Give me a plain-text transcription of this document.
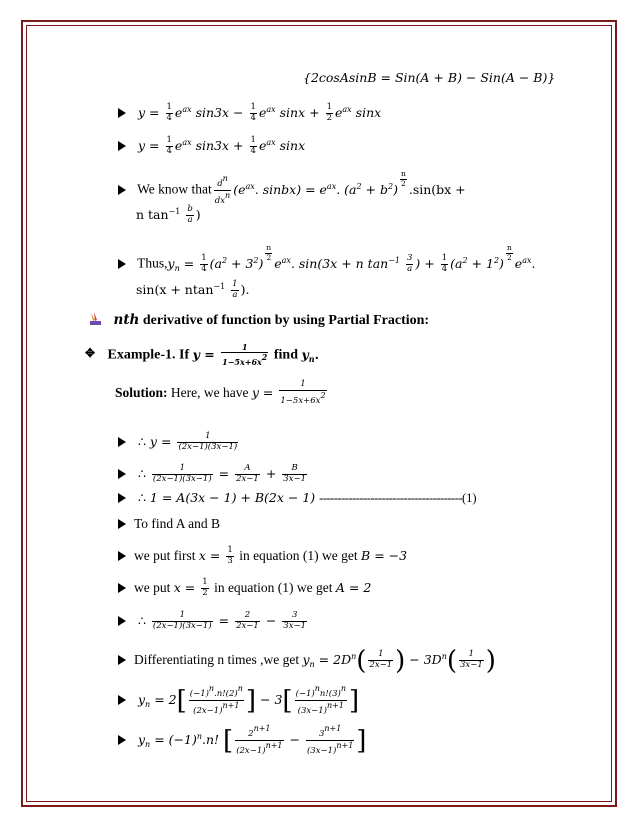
{2cosAsinB = Sin(A + B) − Sin(A − B)}
$y = \frac{1}{4} e^{ax}$ $\sin 3x - \frac{1}{4} e^{ax}$ $\sin x + \frac{1}{2} e^{ax}$ sinx
$y = \frac{1}{4} e^{ax}$ $\sin 3x + \frac{1}{4} e^{ax}$ sinx
We know that $\frac{d^n}{dx^n} (e^{ax}$. sinbx) = $e^{ax}$. $(a^2 + b^2)$
$\frac{n}{2}$
.sin(bx +
n $\tan^{-1} \frac{b}{a}$ )
$Thus,y_n = \frac{1}{4} (a^2 + 3^2)$
$\frac{n}{2}$
$e^{ax}$. sin(3x + n $\tan^{-1} \frac{3}{a}$ ) + $\frac{1}{4} (a^2 + 1^2)$
$\frac{n}{2}$
$e^{ax}$.
$\sin(x + ntan^{-1} \frac{1}{a}$ ).
nth derivative of function by using Partial Fraction:
✥ Example-1. If $y = \frac{1}{1-5x+6x^2}$ find $y_n$.
Solution: Here, we have $y = \frac{1}{1-5x+6x^2}$
∴ $y = \frac{1}{(2x-1)(3x-1)}$
∴ $\frac{1}{(2x-1)(3x-1)} = \frac{A}{2x-1} + \frac{B}{3x-1}$
∴ 1 = A(3x − 1) + B(2x − 1) ---------------------------------------(1)
To find A and B
we put first $x = \frac{1}{3}$ in equation (1) we get B = −3
we put $x = \frac{1}{2}$ in equation (1) we get A = 2
∴ $\frac{1}{(2x-1)(3x-1)} = \frac{2}{2x-1} - \frac{3}{3x-1}$
Differentiating n times ,we get $y_n = 2D^n( \frac{1}{2x-1}$ ) − $3D^n( \frac{1}{3x-1}$ )
$y_n = 2[ \frac{(-1)^n.n!(2)^n}{(2x-1)^{n+1}}$ ] − $3[ \frac{(-1)^nn!(3)^n}{(3x-1)^{n+1}}$ ]
$y_n = (-1)^n.n$! [ $\frac{2^{n+1}}{(2x-1)^{n+1}} - \frac{3^{n+1}}{(3x-1)^{n+1}}$ ]
